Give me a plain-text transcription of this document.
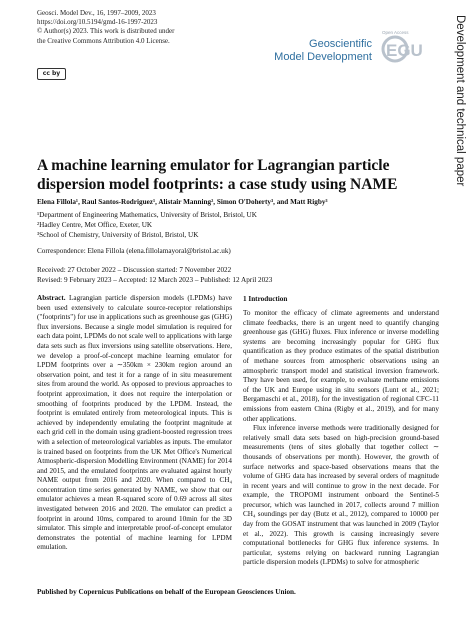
Geosci. Model Dev., 16, 1997–2009, 2023
https://doi.org/10.5194/gmd-16-1997-2023
© Author(s) 2023. This work is distributed under
the Creative Commons Attribution 4.0 License.
cc by
Geoscientific
Model Development
Open Access
EGU	Development and technical paper
A machine learning emulator for Lagrangian particle dispersion model footprints: a case study using NAME
Elena Fillola¹, Raul Santos-Rodriguez¹, Alistair Manning², Simon O'Doherty³, and Matt Rigby³
¹Department of Engineering Mathematics, University of Bristol, Bristol, UK
²Hadley Centre, Met Office, Exeter, UK
³School of Chemistry, University of Bristol, Bristol, UK
Correspondence: Elena Fillola (elena.fillolamayoral@bristol.ac.uk)
Received: 27 October 2022 – Discussion started: 7 November 2022
Revised: 9 February 2023 – Accepted: 12 March 2023 – Published: 12 April 2023
Abstract. Lagrangian particle dispersion models (LPDMs) have been used extensively to calculate source-receptor relationships ("footprints") for use in applications such as greenhouse gas (GHG) flux inversions. Because a single model simulation is required for each data point, LPDMs do not scale well to applications with large data sets such as flux inversions using satellite observations. Here, we develop a proof-of-concept machine learning emulator for LPDM footprints over a ∼350km × 230km region around an observation point, and test it for a range of in situ measurement sites from around the world. As opposed to previous approaches to footprint approximation, it does not require the interpolation or smoothing of footprints produced by the LPDM. Instead, the footprint is emulated entirely from meteorological inputs. This is achieved by independently emulating the footprint magnitude at each grid cell in the domain using gradient-boosted regression trees with a selection of meteorological variables as inputs. The emulator is trained based on footprints from the UK Met Office's Numerical Atmospheric-dispersion Modelling Environment (NAME) for 2014 and 2015, and the emulated footprints are evaluated against hourly NAME output from 2016 and 2020. When compared to CH₄ concentration time series generated by NAME, we show that our emulator achieves a mean R-squared score of 0.69 across all sites investigated between 2016 and 2020. The emulator can predict a footprint in around 10ms, compared to around 10min for the 3D simulator. This simple and interpretable proof-of-concept emulator demonstrates the potential of machine learning for LPDM emulation.
1 Introduction

To monitor the efficacy of climate agreements and understand climate feedbacks, there is an urgent need to quantify changing greenhouse gas (GHG) fluxes. Flux inference or inverse modelling systems are becoming increasingly popular for GHG flux quantification as they produce estimates of the spatial distribution of methane sources from atmospheric observations using an atmospheric transport model and statistical inversion framework. They have been used, for example, to evaluate methane emissions of the UK and Europe using in situ sensors (Lunt et al., 2021; Bergamaschi et al., 2018), for the investigation of regional CFC-11 emissions from eastern China (Rigby et al., 2019), and for many other applications.

Flux inference inverse methods were traditionally designed for relatively small data sets based on high-precision ground-based measurements (tens of sites globally that together collect ∼ thousands of observations per month). However, the growth of surface networks and space-based observations means that the volume of GHG data has increased by several orders of magnitude in recent years and will continue to grow in the next decade. For example, the TROPOMI instrument onboard the Sentinel-5 precursor, which was launched in 2017, collects around 7 million CH₄ soundings per day (Butz et al., 2012), compared to 10000 per day from the GOSAT instrument that was launched in 2009 (Taylor et al., 2022). This growth is causing increasingly severe computational bottlenecks for GHG flux inference systems. In particular, systems relying on backward running Lagrangian particle dispersion models (LPDMs) to solve for atmospheric

Published by Copernicus Publications on behalf of the European Geosciences Union.
